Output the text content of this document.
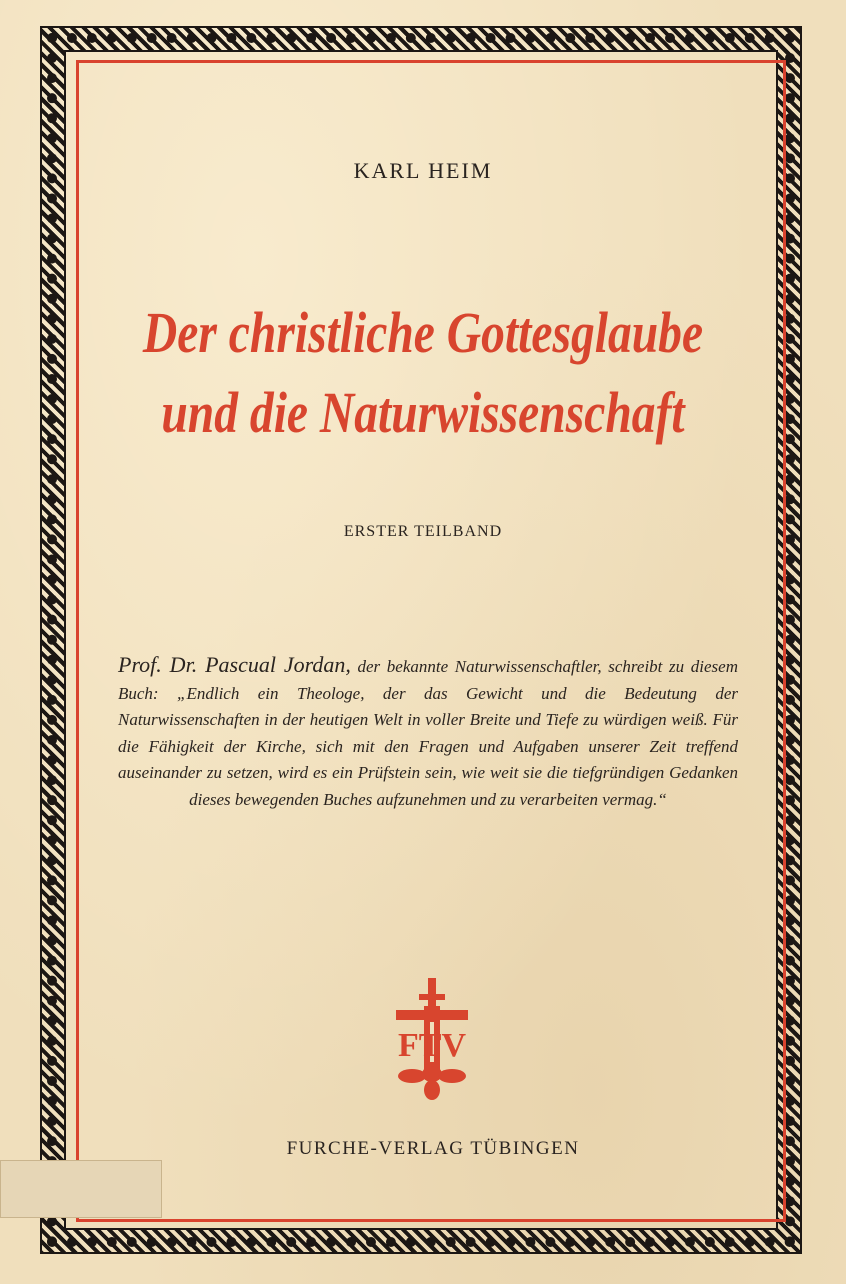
KARL HEIM
Der christliche Gottesglaube
und die Naturwissenschaft
ERSTER TEILBAND
Prof. Dr. Pascual Jordan, der bekannte Naturwissenschaftler, schreibt zu diesem Buch: „Endlich ein Theologe, der das Gewicht und die Bedeutung der Naturwissenschaften in der heutigen Welt in voller Breite und Tiefe zu würdigen weiß. Für die Fähigkeit der Kirche, sich mit den Fragen und Aufgaben unserer Zeit treffend auseinander zu setzen, wird es ein Prüfstein sein, wie weit sie die tiefgründigen Gedanken dieses bewegenden Buches aufzunehmen und zu verarbeiten vermag.“
FTV
FURCHE-VERLAG TÜBINGEN
